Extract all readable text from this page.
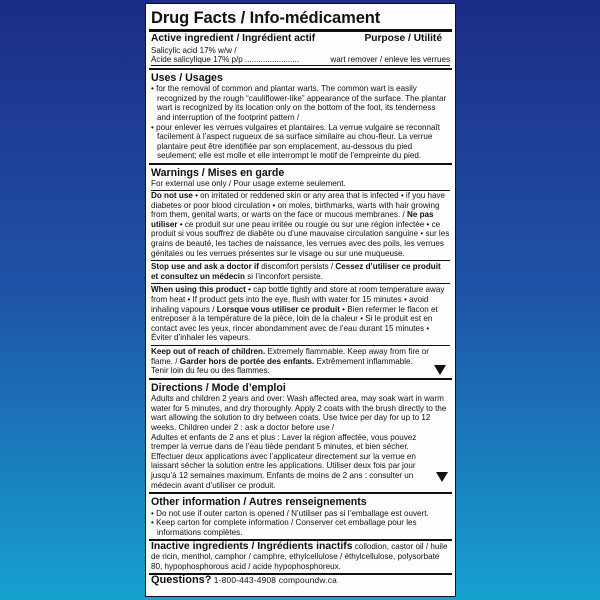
Drug Facts / Info-médicament
Active ingredient / Ingrédient actif	Purpose / Utilité
Salicylic acid 17% w/w /
Acide salicylique 17% p/p ........................	wart remover / enleve les verrues
Uses / Usages
• for the removal of common and plantar warts. The common wart is easily recognized by the rough “cauliflower-like” appearance of the surface. The plantar wart is recognized by its location only on the bottom of the foot, its tenderness and interruption of the footprint pattern /
• pour enlever les verrues vulgaires et plantaires. La verrue vulgaire se reconnaît facilement à l’aspect rugueux de sa surface similaire au chou-fleur. La verrue plantaire peut être identifiée par son emplacement, au-dessous du pied seulement; elle est molle et elle interrompt le motif de l’empreinte du pied.
Warnings / Mises en garde
For external use only / Pour usage externe seulement.
Do not use • on irritated or reddened skin or any area that is infected • if you have diabetes or poor blood circulation • on moles, birthmarks, warts with hair growing from them, genital warts, or warts on the face or mucous membranes. / Ne pas utiliser • ce produit sur une peau irritée ou rougie ou sur une région infectée • ce produit si vous souffrez de diabète ou d’une mauvaise circulation sanguine • sur les grains de beauté, les taches de naissance, les verrues avec des poils, les verrues génitales ou les verrues présentes sur le visage ou sur une muqueuse.
Stop use and ask a doctor if discomfort persists / Cessez d’utiliser ce produit et consultez un médecin si l’inconfort persiste.
When using this product • cap bottle tightly and store at room temperature away from heat • If product gets into the eye, flush with water for 15 minutes • avoid inhaling vapours / Lorsque vous utiliser ce produit • Bien refermer le flacon et entreposer à la température de la pièce, loin de la chaleur • Si le produit est en contact avec les yeux, rincer abondamment avec de l’eau durant 15 minutes • Éviter d’inhaler les vapeurs.
Keep out of reach of children. Extremely flammable. Keep away from fire or flame. / Garder hors de portée des enfants. Extrêmement inflammable. Tenir loin du feu ou des flammes.
Directions / Mode d’emploi
Adults and children 2 years and over: Wash affected area, may soak wart in warm water for 5 minutes, and dry thoroughly. Apply 2 coats with the brush directly to the wart allowing the solution to dry between coats. Use twice per day for up to 12 weeks. Children under 2 : ask a doctor before use /
Adultes et enfants de 2 ans et plus : Laver la région affectée, vous pouvez tremper la verrue dans de l’eau tiède pendant 5 minutes, et bien sécher. Effectuer deux applications avec l’applicateur directement sur la verrue en laissant sécher la solution entre les applications. Utiliser deux fois par jour jusqu’à 12 semaines maximum. Enfants de moins de 2 ans : consulter un médecin avant d’utiliser ce produit.
Other information / Autres renseignements
• Do not use if outer carton is opened / N’utiliser pas si l’emballage est ouvert.
• Keep carton for complete information / Conserver cet emballage pour les informations complètes.
Inactive ingredients / Ingrédients inactifs collodion, castor oil / huile de ricin, menthol, camphor / camphre, ethylcellulose / éthylcellulose, polysorbate 80, hypophosphorous acid / acide hypophosphoreux.
Questions? 1-800-443-4908 compoundw.ca
